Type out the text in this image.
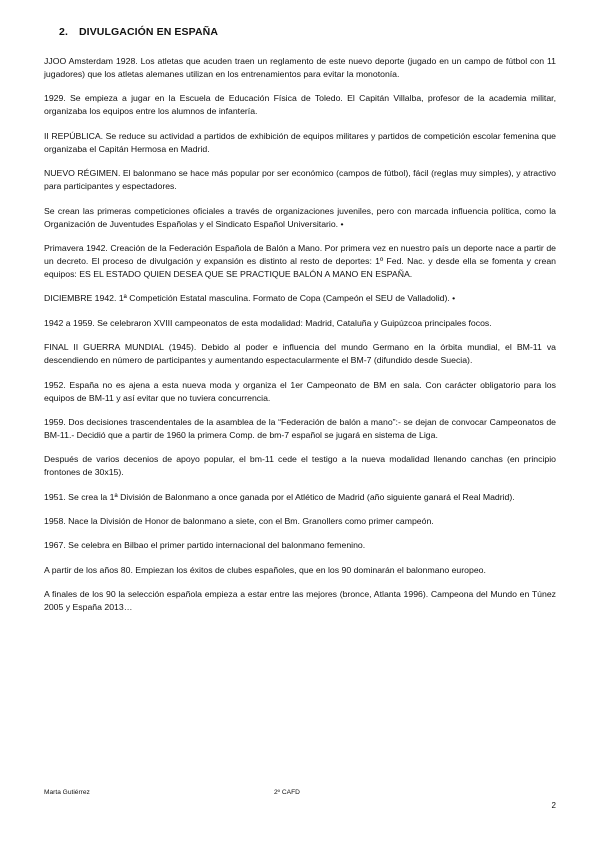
2. DIVULGACIÓN EN ESPAÑA

JJOO Amsterdam 1928. Los atletas que acuden traen un reglamento de este nuevo deporte (jugado en un campo de fútbol con 11 jugadores) que los atletas alemanes utilizan en los entrenamientos para evitar la monotonía.

1929. Se empieza a jugar en la Escuela de Educación Física de Toledo. El Capitán Villalba, profesor de la academia militar, organizaba los equipos entre los alumnos de infantería.

II REPÚBLICA. Se reduce su actividad a partidos de exhibición de equipos militares y partidos de competición escolar femenina que organizaba el Capitán Hermosa en Madrid.

NUEVO RÉGIMEN. El balonmano se hace más popular por ser económico (campos de fútbol), fácil (reglas muy simples), y atractivo para participantes y espectadores.

Se crean las primeras competiciones oficiales a través de organizaciones juveniles, pero con marcada influencia política, como la Organización de Juventudes Españolas y el Sindicato Español Universitario. •

Primavera 1942. Creación de la Federación Española de Balón a Mano. Por primera vez en nuestro país un deporte nace a partir de un decreto. El proceso de divulgación y expansión es distinto al resto de deportes: 1º Fed. Nac. y desde ella se fomenta y crean equipos: ES EL ESTADO QUIEN DESEA QUE SE PRACTIQUE BALÓN A MANO EN ESPAÑA.

DICIEMBRE 1942. 1ª Competición Estatal masculina. Formato de Copa (Campeón el SEU de Valladolid). •

1942 a 1959. Se celebraron XVIII campeonatos de esta modalidad: Madrid, Cataluña y Guipúzcoa principales focos.

FINAL II GUERRA MUNDIAL (1945). Debido al poder e influencia del mundo Germano en la órbita mundial, el BM-11 va descendiendo en número de participantes y aumentando espectacularmente el BM-7 (difundido desde Suecia).

1952. España no es ajena a esta nueva moda y organiza el 1er Campeonato de BM en sala. Con carácter obligatorio para los equipos de BM-11 y así evitar que no tuviera concurrencia.

1959. Dos decisiones trascendentales de la asamblea de la “Federación de balón a mano”:- se dejan de convocar Campeonatos de BM-11.- Decidió que a partir de 1960 la primera Comp. de bm-7 español se jugará en sistema de Liga.

Después de varios decenios de apoyo popular, el bm-11 cede el testigo a la nueva modalidad llenando canchas (en principio frontones de 30x15).

1951. Se crea la 1ª División de Balonmano a once ganada por el Atlético de Madrid (año siguiente ganará el Real Madrid).

1958. Nace la División de Honor de balonmano a siete, con el Bm. Granollers como primer campeón.

1967. Se celebra en Bilbao el primer partido internacional del balonmano femenino.

A partir de los años 80. Empiezan los éxitos de clubes españoles, que en los 90 dominarán el balonmano europeo.

A finales de los 90 la selección española empieza a estar entre las mejores (bronce, Atlanta 1996). Campeona del Mundo en Túnez 2005 y España 2013…

Marta Gutiérrez	2º CAFD
2
